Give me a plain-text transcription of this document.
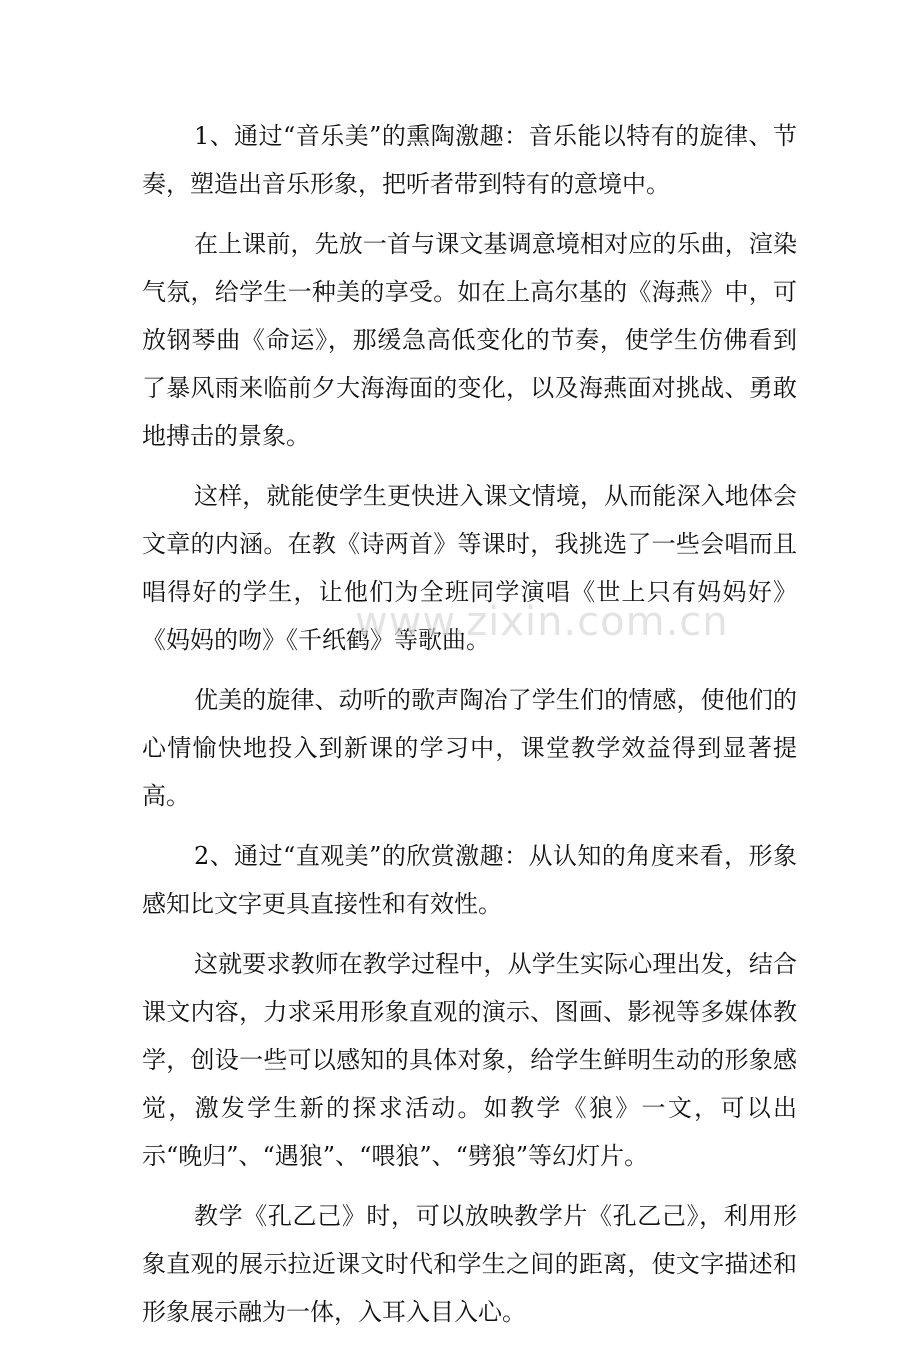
1、通过“音乐美”的熏陶激趣：音乐能以特有的旋律、节奏，塑造出音乐形象，把听者带到特有的意境中。

在上课前，先放一首与课文基调意境相对应的乐曲，渲染气氛，给学生一种美的享受。如在上高尔基的《海燕》中，可放钢琴曲《命运》，那缓急高低变化的节奏，使学生仿佛看到了暴风雨来临前夕大海海面的变化，以及海燕面对挑战、勇敢地搏击的景象。

这样，就能使学生更快进入课文情境，从而能深入地体会文章的内涵。在教《诗两首》等课时，我挑选了一些会唱而且唱得好的学生，让他们为全班同学演唱《世上只有妈妈好》《妈妈的吻》《千纸鹤》等歌曲。

优美的旋律、动听的歌声陶冶了学生们的情感，使他们的心情愉快地投入到新课的学习中，课堂教学效益得到显著提高。

2、通过“直观美”的欣赏激趣：从认知的角度来看，形象感知比文字更具直接性和有效性。

这就要求教师在教学过程中，从学生实际心理出发，结合课文内容，力求采用形象直观的演示、图画、影视等多媒体教学，创设一些可以感知的具体对象，给学生鲜明生动的形象感觉，激发学生新的探求活动。如教学《狼》一文，可以出示“晚归”、“遇狼”、“喂狼”、“劈狼”等幻灯片。

教学《孔乙己》时，可以放映教学片《孔乙己》，利用形象直观的展示拉近课文时代和学生之间的距离，使文字描述和形象展示融为一体，入耳入目入心。

www.zixin.com.cn
